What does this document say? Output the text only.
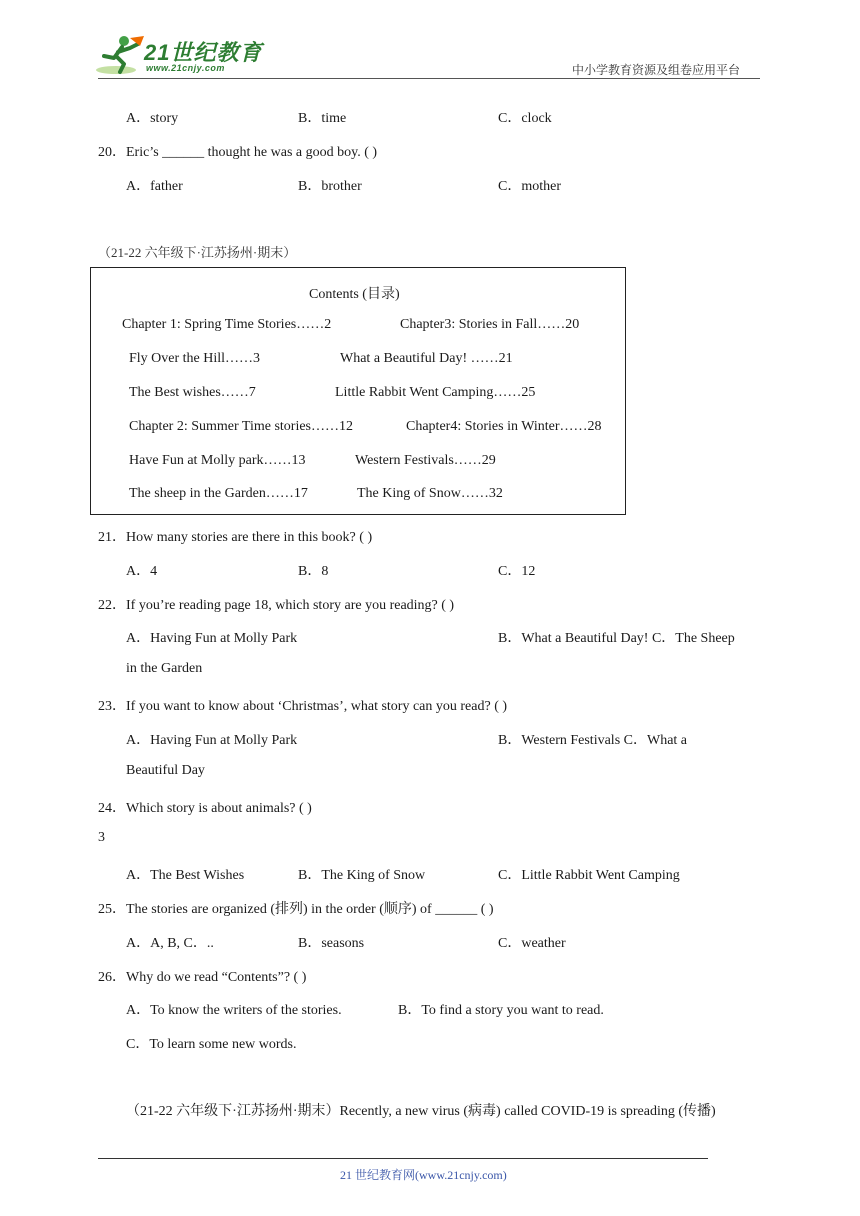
21世纪教育
www.21cnjy.com	中小学教育资源及组卷应用平台
A．story	B．time	C．clock
20．Eric’s ______ thought he was a good boy. ( )
A．father	B．brother	C．mother
（21-22 六年级下·江苏扬州·期末）
Contents (目录)
Chapter 1: Spring Time Stories……2	Chapter3: Stories in Fall……20
Fly Over the Hill……3	What a Beautiful Day! ……21
The Best wishes……7	Little Rabbit Went Camping……25
Chapter 2: Summer Time stories……12	Chapter4: Stories in Winter……28
Have Fun at Molly park……13	Western Festivals……29
The sheep in the Garden……17	The King of Snow……32
21．How many stories are there in this book? ( )
A．4	B．8	C．12
22．If you’re reading page 18, which story are you reading? ( )
A．Having Fun at Molly Park	B．What a Beautiful Day! C．The Sheep
in the Garden
23．If you want to know about ‘Christmas’, what story can you read? ( )
A．Having Fun at Molly Park	B．Western Festivals C．What a
Beautiful Day
24．Which story is about animals? ( )
3
A．The Best Wishes	B．The King of Snow	C．Little Rabbit Went Camping
25．The stories are organized (排列) in the order (顺序) of ______ ( )
A．A, B, C．..	B．seasons	C．weather
26．Why do we read “Contents”? ( )
A．To know the writers of the stories.	B．To find a story you want to read.
C．To learn some new words.
（21-22 六年级下·江苏扬州·期末）Recently, a new virus (病毒) called COVID-19 is spreading (传播)
21 世纪教育网(www.21cnjy.com)
